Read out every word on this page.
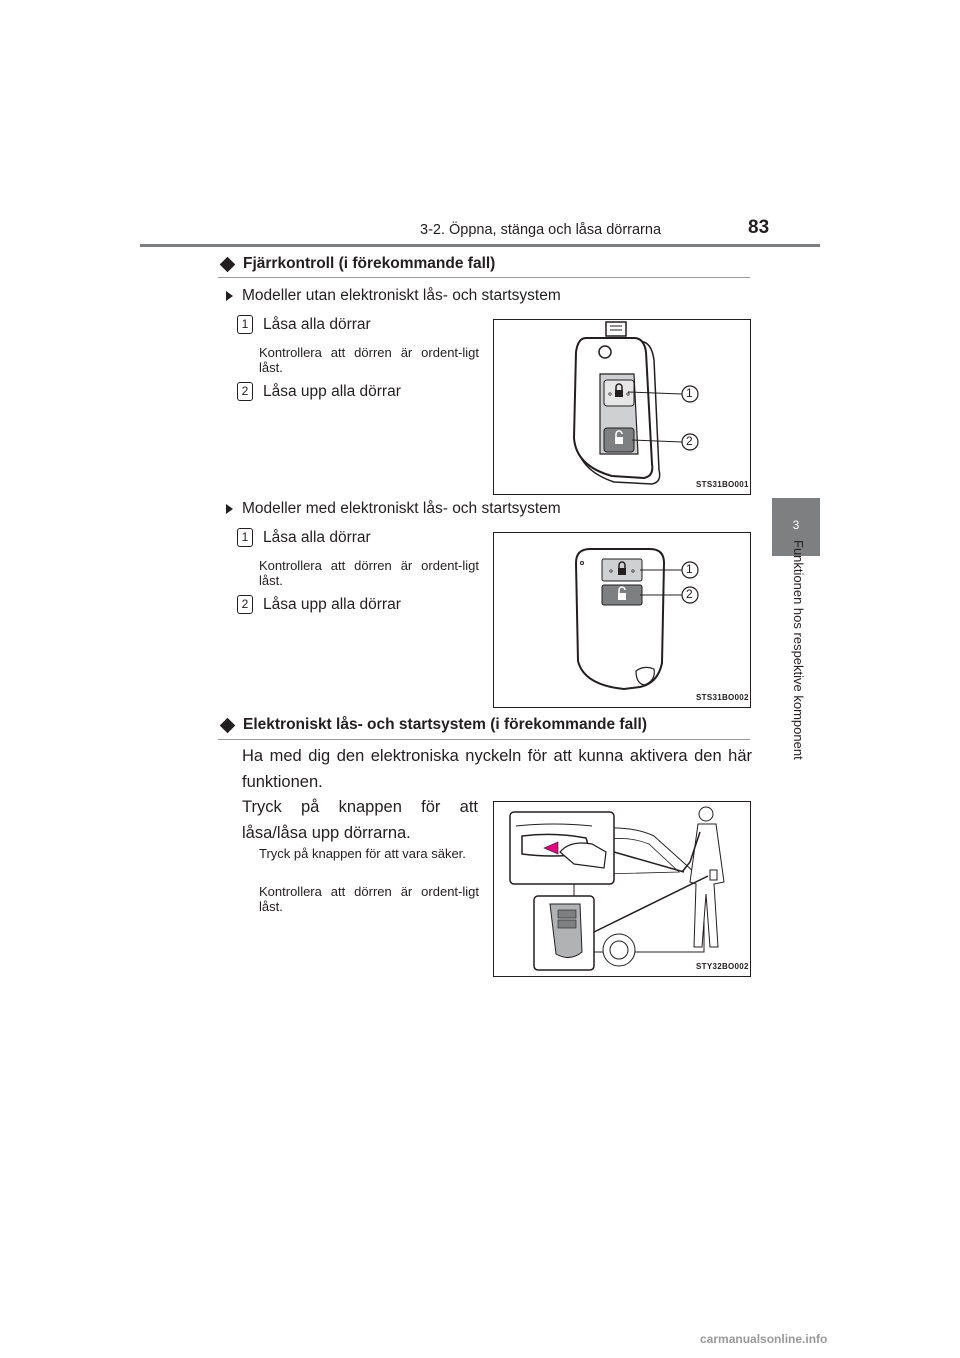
3-2. Öppna, stänga och låsa dörrarna	83
3
Funktionen hos respektive komponent
Fjärrkontroll (i förekommande fall)
Modeller utan elektroniskt lås- och startsystem
1 Låsa alla dörrar
Kontrollera att dörren är ordent-ligt låst.
2 Låsa upp alla dörrar	1
2
STS31BO001
Modeller med elektroniskt lås- och startsystem
1 Låsa alla dörrar
Kontrollera att dörren är ordent-ligt låst.
2 Låsa upp alla dörrar
1
2
STS31BO002
Elektroniskt lås- och startsystem (i förekommande fall)
Ha med dig den elektroniska nyckeln för att kunna aktivera den här funktionen.
Tryck på knappen för att låsa/låsa upp dörrarna.
Tryck på knappen för att vara säker.
Kontrollera att dörren är ordent-ligt låst.
STY32BO002
carmanualsonline.info
